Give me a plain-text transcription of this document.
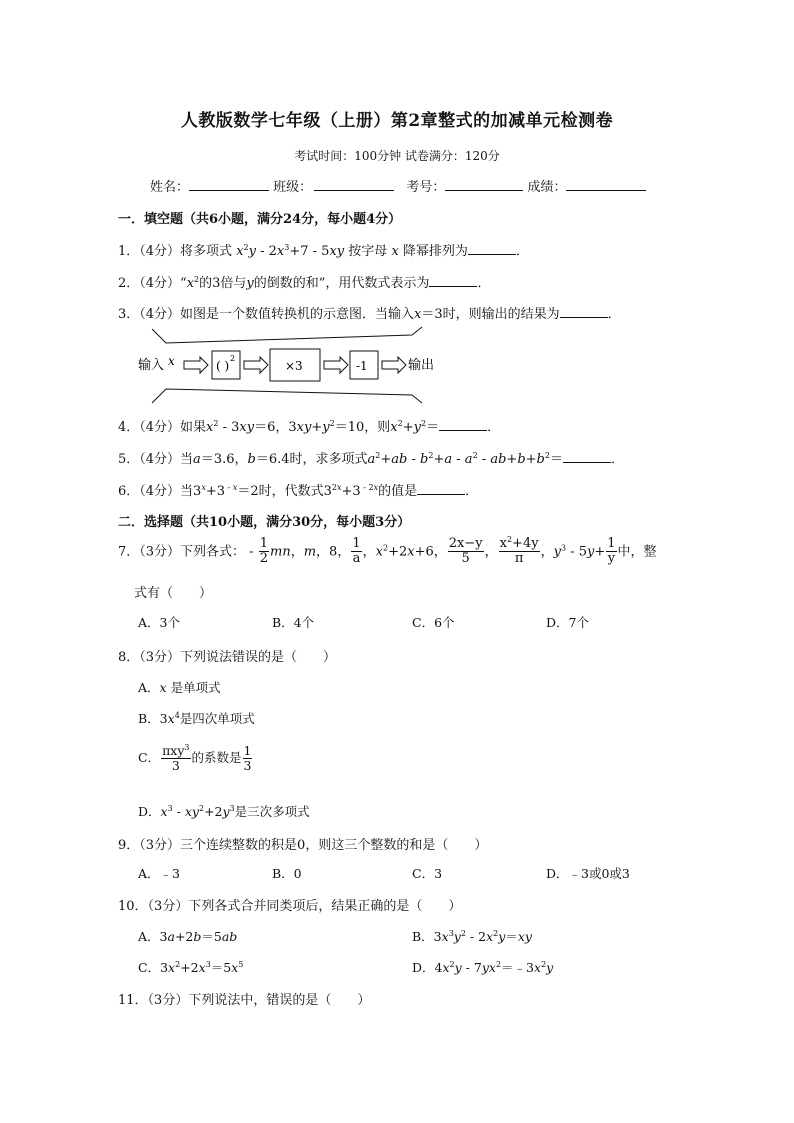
人教版数学七年级（上册）第2章整式的加减单元检测卷
考试时间：100分钟 试卷满分：120分
姓名：	班级：	考号：	成绩：
一．填空题（共6小题，满分24分，每小题4分）
1．（4分）将多项式 $x^2y - 2x^3+7 - 5xy$ 按字母 x 降幂排列为	．
2．（4分）“$x^2$的3倍与y的倒数的和”，用代数式表示为	．
3．（4分）如图是一个数值转换机的示意图．当输入x＝3时，则输出的结果为	．
输入 x	( )
2
×3	-1	输出
4．（4分）如果$x^2 - 3xy=6$，$3xy+y^2=10$，则$x^2+y^2=$	．
5．（4分）当a＝3.6，b＝6.4时，求多项式$a^2+ab - b^2+a - a^2 - ab+b+b^2=$	．
6．（4分）当$3^x+3$ $^{- x}$＝2时，代数式$3^{2x}+3$ $^{- 2x}$的值是	．
二．选择题（共10小题，满分30分，每小题3分）
7．（3分）下列各式： - $\frac{1}{2}$ mn，m，8， $\frac{1}{a}$ ，$x^2+2x+6$， $\frac{2x-y}{5}$ ， $\frac{x^2+4y}{\pi}$ ，$y^3 - 5y+ \frac{1}{y}$ 中，整
式有（　　）
A．3个	B．4个	C．6个	D．7个
8．（3分）下列说法错误的是（　　）
A．x 是单项式
B．$3x^4$是四次单项式
C． $\frac{\pi xy^3}{3}$ 的系数是 $\frac{1}{3}$
D．$x^3 - xy^2+2y^3$是三次多项式
9．（3分）三个连续整数的积是0，则这三个整数的和是（　　）
A．﹣3	B．0	C．3	D．﹣3或0或3
10．（3分）下列各式合并同类项后，结果正确的是（　　）
A．3a+2b＝5ab	B．$3x^3y^2 - 2x^2y=xy$
C．$3x^2+2x^3=5x^5$	D．$4x^2y$ - $7yx^2=﹣3x^2y$
11．（3分）下列说法中，错误的是（　　）
